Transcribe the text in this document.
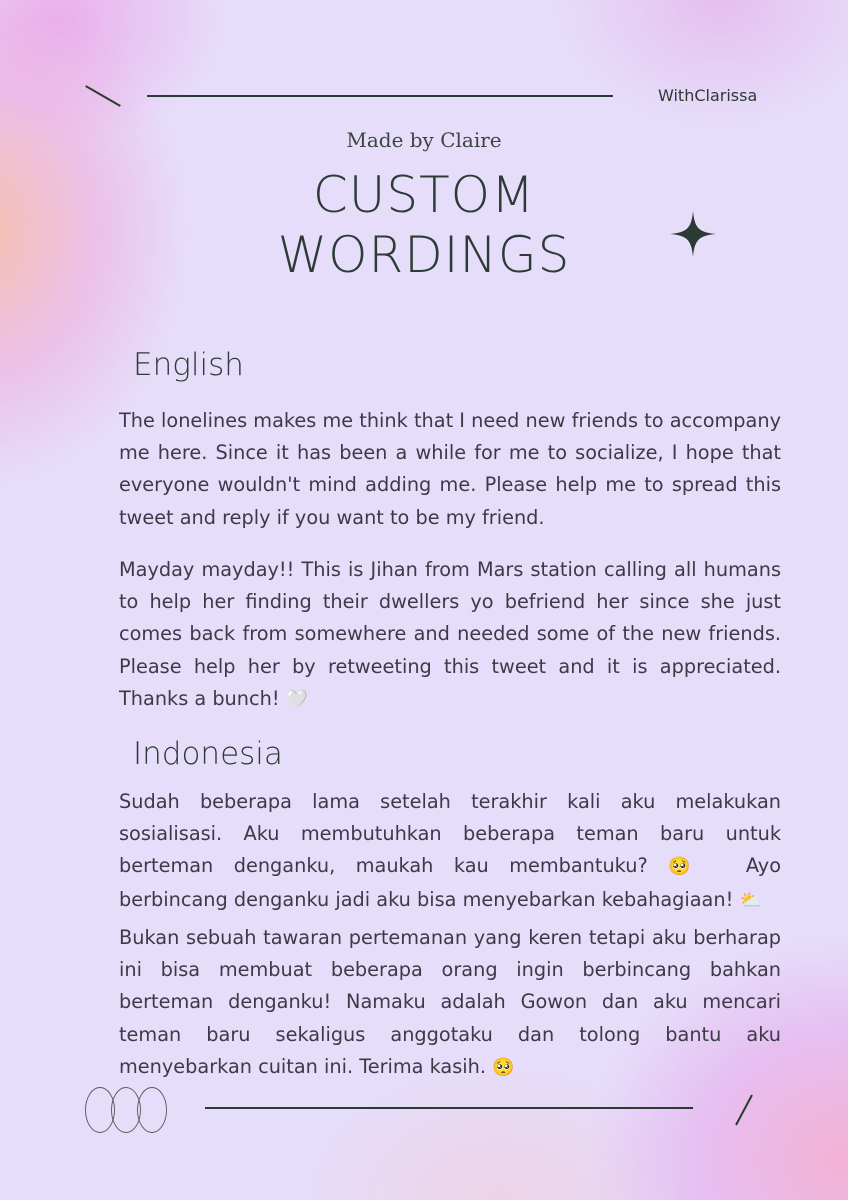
WithClarissa
Made by Claire
CUSTOM
WORDINGS
English

The lonelines makes me think that I need new friends to accompany me here. Since it has been a while for me to socialize, I hope that everyone wouldn't mind adding me. Please help me to spread this tweet and reply if you want to be my friend.

Mayday mayday!! This is Jihan from Mars station calling all humans to help her finding their dwellers yo befriend her since she just comes back from somewhere and needed some of the new friends. Please help her by retweeting this tweet and it is appreciated. Thanks a bunch! 🤍

Indonesia

Sudah beberapa lama setelah terakhir kali aku melakukan sosialisasi. Aku membutuhkan beberapa teman baru untuk berteman denganku, maukah kau membantuku? 🥺 Ayo berbincang denganku jadi aku bisa menyebarkan kebahagiaan! ⛅

Bukan sebuah tawaran pertemanan yang keren tetapi aku berharap ini bisa membuat beberapa orang ingin berbincang bahkan berteman denganku! Namaku adalah Gowon dan aku mencari teman baru sekaligus anggotaku dan tolong bantu aku menyebarkan cuitan ini. Terima kasih. 🥺
